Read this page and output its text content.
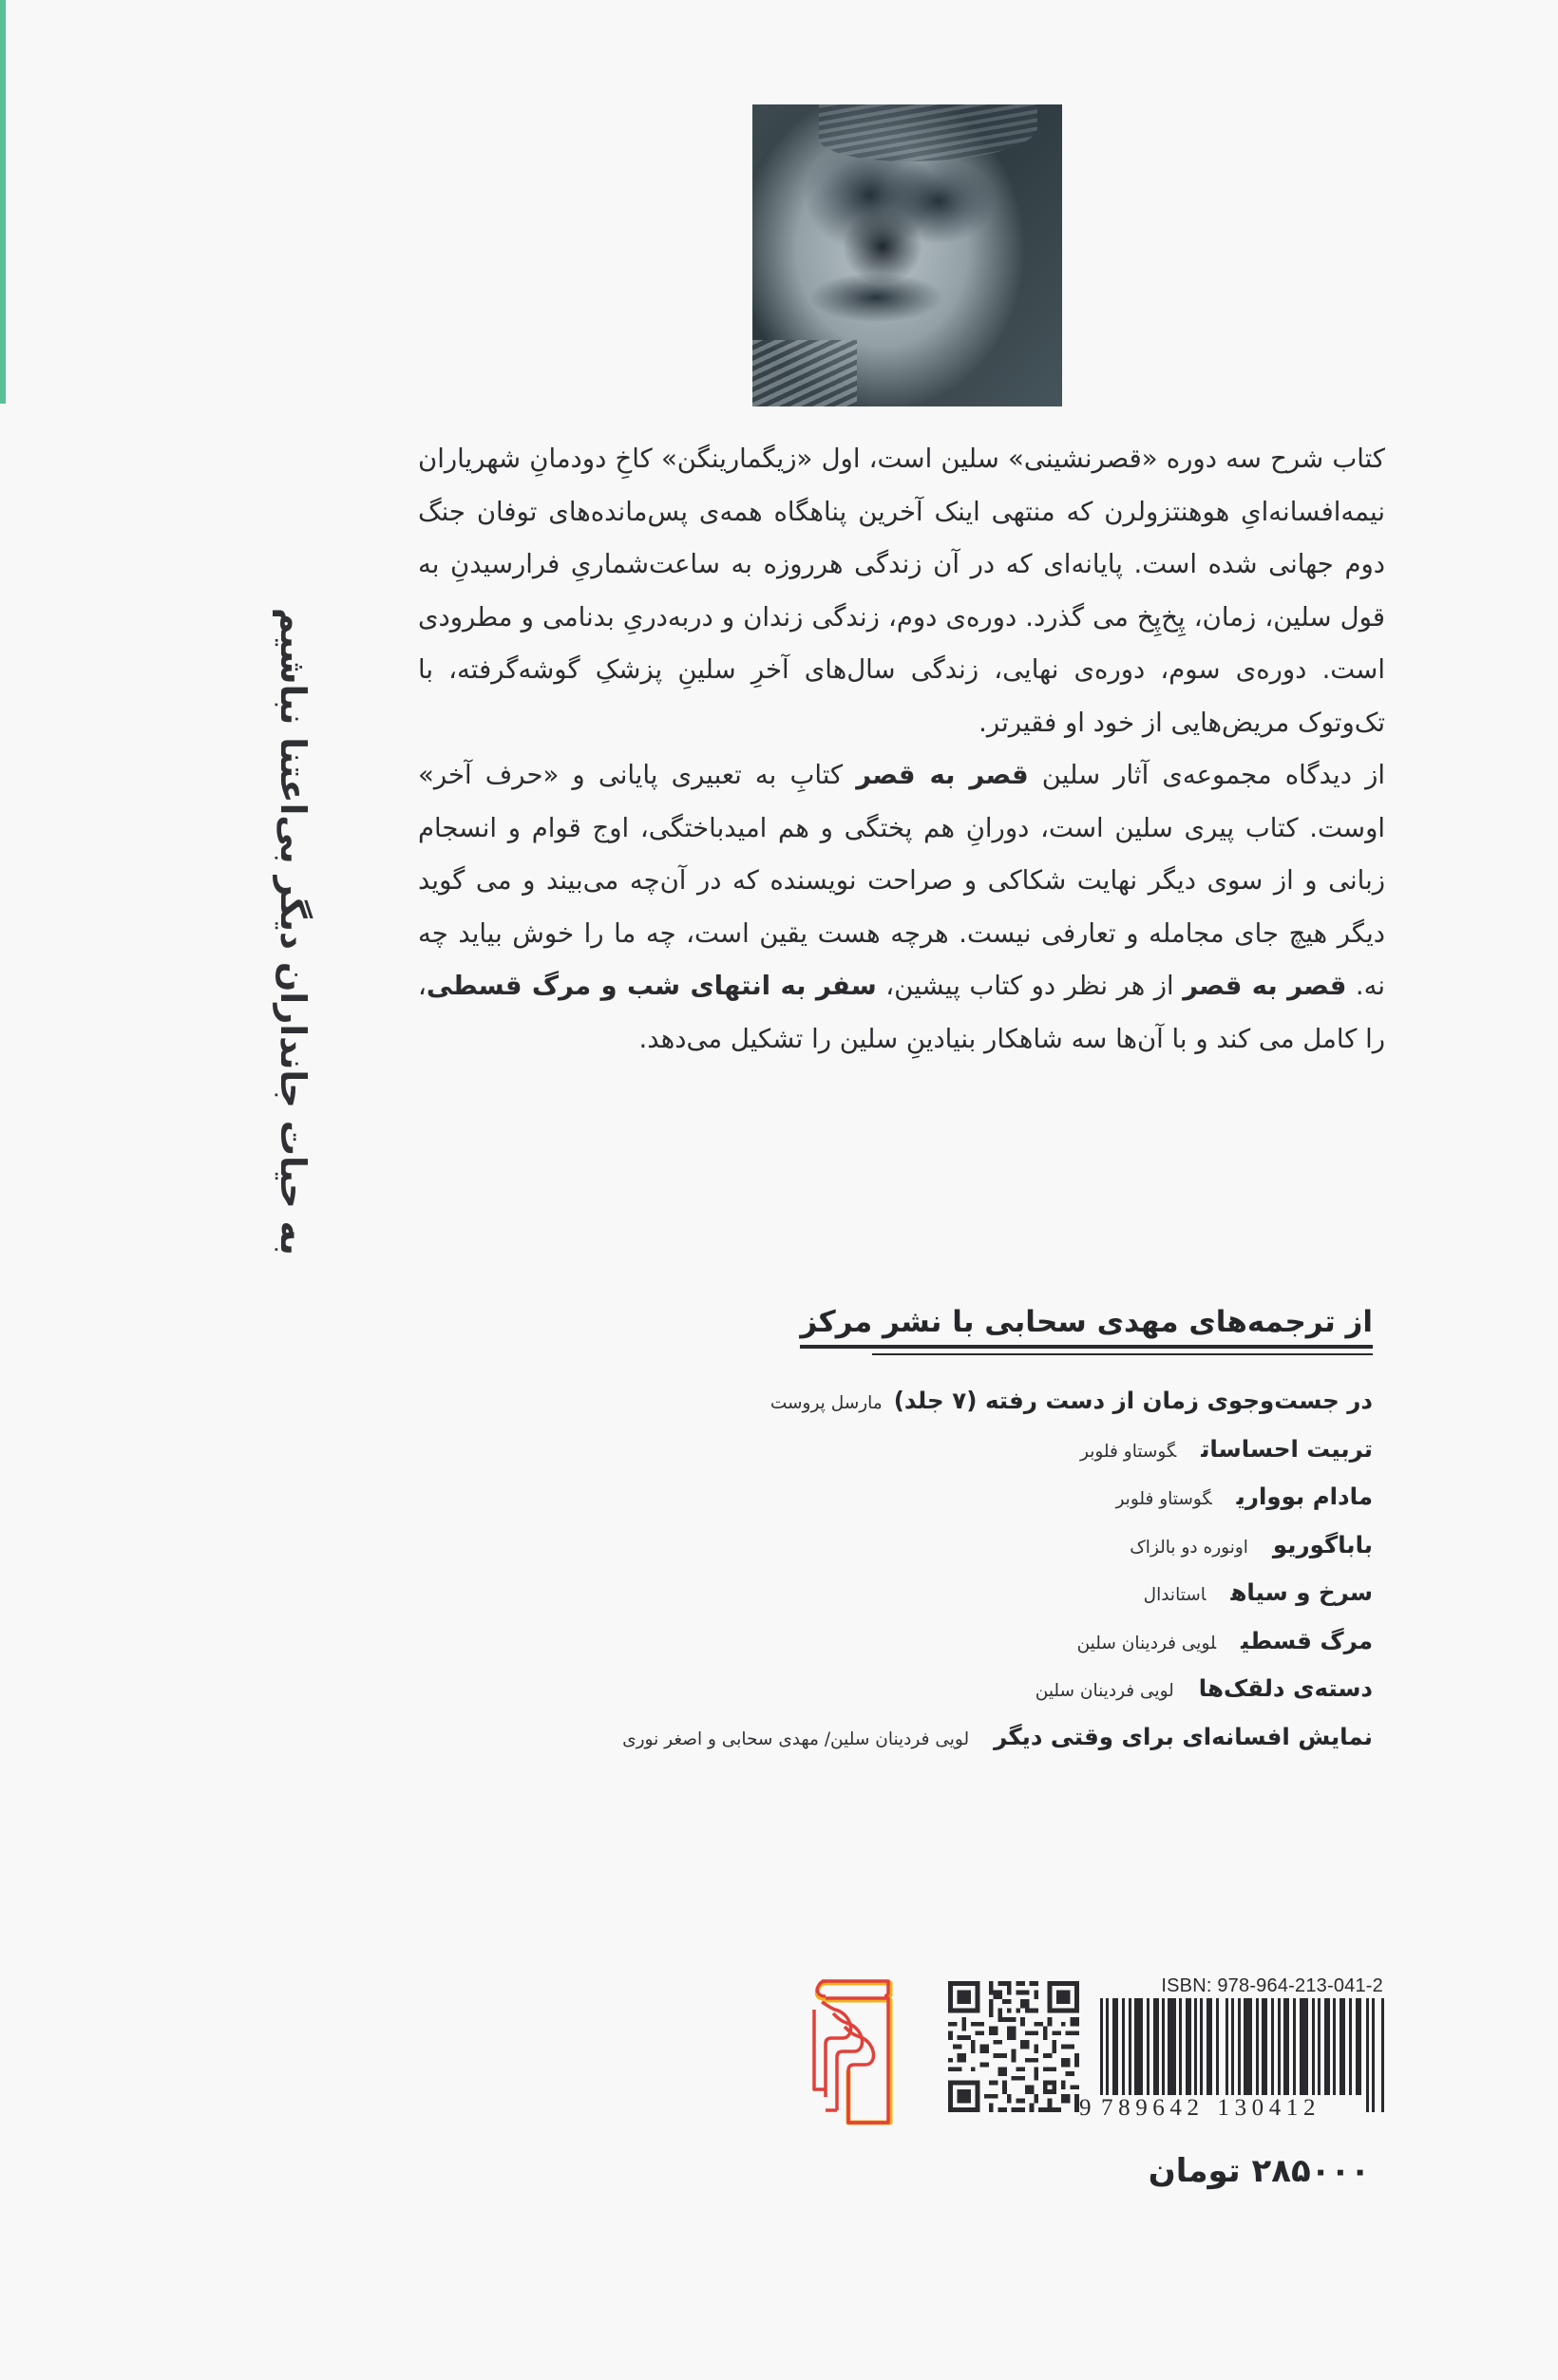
به حیات جانداران دیگر بی‌اعتنا نباشیم

کتاب شرح سه دوره «قصرنشینی» سلین است، اول «زیگمارینگن» کاخِ دودمانِ شهریاران نیمه‌افسانه‌ایِ هوهنتزولرن که منتهی اینک آخرین پناهگاه همه‌ی پس‌مانده‌های توفان جنگ دوم جهانی شده است. پایانه‌ای که در آن زندگی هرروزه به ساعت‌شماریِ فرارسیدنِ به قول سلین، زمان، پِخ‌پِخ می گذرد. دوره‌ی دوم، زندگی زندان و دربه‌دریِ بدنامی و مطرودی است. دوره‌ی سوم، دوره‌ی نهایی، زندگی سال‌های آخرِ سلینِ پزشکِ گوشه‌گرفته، با تک‌وتوک مریض‌هایی از خود او فقیرتر.

از دیدگاه مجموعه‌ی آثار سلین قصر به قصر کتابِ به تعبیری پایانی و «حرف آخر» اوست. کتاب پیری سلین است، دورانِ هم پختگی و هم امیدباختگی، اوج قوام و انسجام زبانی و از سوی دیگر نهایت شکاکی و صراحت نویسنده که در آن‌چه می‌بیند و می گوید دیگر هیچ جای مجامله و تعارفی نیست. هرچه هست یقین است، چه ما را خوش بیاید چه نه. قصر به قصر از هر نظر دو کتاب پیشین، سفر به انتهای شب و مرگ قسطی، را کامل می کند و با آن‌ها سه شاهکار بنیادینِ سلین را تشکیل می‌دهد.

از ترجمه‌های مهدی سحابی با نشر مرکز
در جست‌وجوی زمان از دست رفته (۷ جلد)مارسل پروست
تربیت احساساتگوستاو فلوبر
مادام بوواریگوستاو فلوبر
باباگوریواونوره دو بالزاک
سرخ و سیاهاستاندال
مرگ قسطیلویی فردینان سلین
دسته‌ی دلقک‌هالویی فردینان سلین
نمایش افسانه‌ای برای وقتی دیگرلویی فردینان سلین/ مهدی سحابی و اصغر نوری
ISBN: 978-964-213-041-2
9 789642 130412
۲۸۵۰۰۰ تومان
